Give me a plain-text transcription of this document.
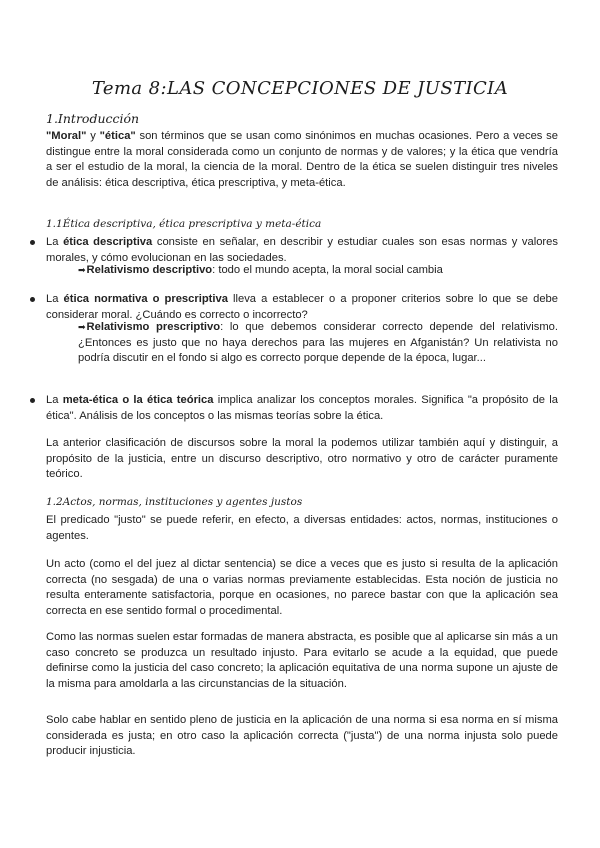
Tema 8:LAS CONCEPCIONES DE JUSTICIA
1.Introducción

"Moral" y "ética" son términos que se usan como sinónimos en muchas ocasiones. Pero a veces se distingue entre la moral considerada como un conjunto de normas y de valores; y la ética que vendría a ser el estudio de la moral, la ciencia de la moral. Dentro de la ética se suelen distinguir tres niveles de análisis: ética descriptiva, ética prescriptiva, y meta-ética.

1.1Ética descriptiva, ética prescriptiva y meta-ética

La ética descriptiva consiste en señalar, en describir y estudiar cuales son esas normas y valores morales, y cómo evolucionan en las sociedades.

➡Relativismo descriptivo: todo el mundo acepta, la moral social cambia

La ética normativa o prescriptiva lleva a establecer o a proponer criterios sobre lo que se debe considerar moral. ¿Cuándo es correcto o incorrecto?

➡Relativismo prescriptivo: lo que debemos considerar correcto depende del relativismo. ¿Entonces es justo que no haya derechos para las mujeres en Afganistán? Un relativista no podría discutir en el fondo si algo es correcto porque depende de la época, lugar...

La meta-ética o la ética teórica implica analizar los conceptos morales. Significa "a propósito de la ética". Análisis de los conceptos o las mismas teorías sobre la ética.

La anterior clasificación de discursos sobre la moral la podemos utilizar también aquí y distinguir, a propósito de la justicia, entre un discurso descriptivo, otro normativo y otro de carácter puramente teórico.

1.2Actos, normas, instituciones y agentes justos

El predicado "justo" se puede referir, en efecto, a diversas entidades: actos, normas, instituciones o agentes.

Un acto (como el del juez al dictar sentencia) se dice a veces que es justo si resulta de la aplicación correcta (no sesgada) de una o varias normas previamente establecidas. Esta noción de justicia no resulta enteramente satisfactoria, porque en ocasiones, no parece bastar con que la aplicación sea correcta en ese sentido formal o procedimental.

Como las normas suelen estar formadas de manera abstracta, es posible que al aplicarse sin más a un caso concreto se produzca un resultado injusto. Para evitarlo se acude a la equidad, que puede definirse como la justicia del caso concreto; la aplicación equitativa de una norma supone un ajuste de la misma para amoldarla a las circunstancias de la situación.

Solo cabe hablar en sentido pleno de justicia en la aplicación de una norma si esa norma en sí misma considerada es justa; en otro caso la aplicación correcta ("justa") de una norma injusta solo puede producir injusticia.
